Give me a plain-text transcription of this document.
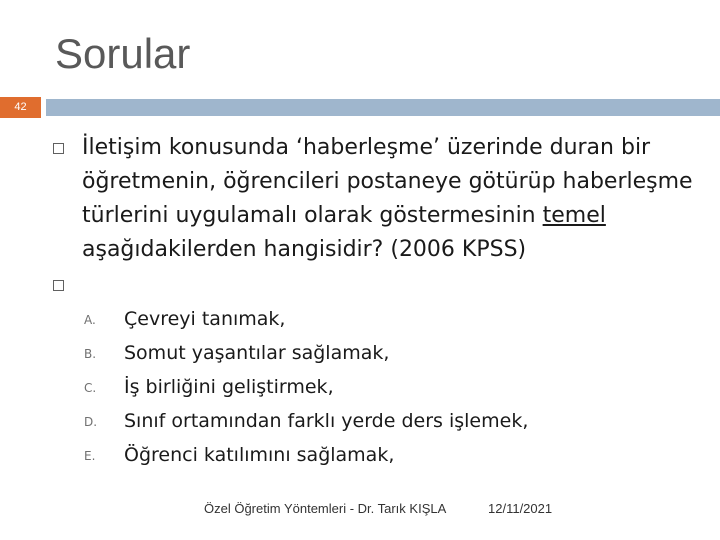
Sorular
42
İletişim konusunda ‘haberleşme’ üzerinde duran bir öğretmenin, öğrencileri postaneye götürüp haberleşme türlerini uygulamalı olarak göstermesinin temel aşağıdakilerden hangisidir? (2006 KPSS)
A. Çevreyi tanımak,
B. Somut yaşantılar sağlamak,
C. İş birliğini geliştirmek,
D. Sınıf ortamından farklı yerde ders işlemek,
E. Öğrenci katılımını sağlamak,
Özel Öğretim Yöntemleri - Dr. Tarık KIŞLA	12/11/2021
